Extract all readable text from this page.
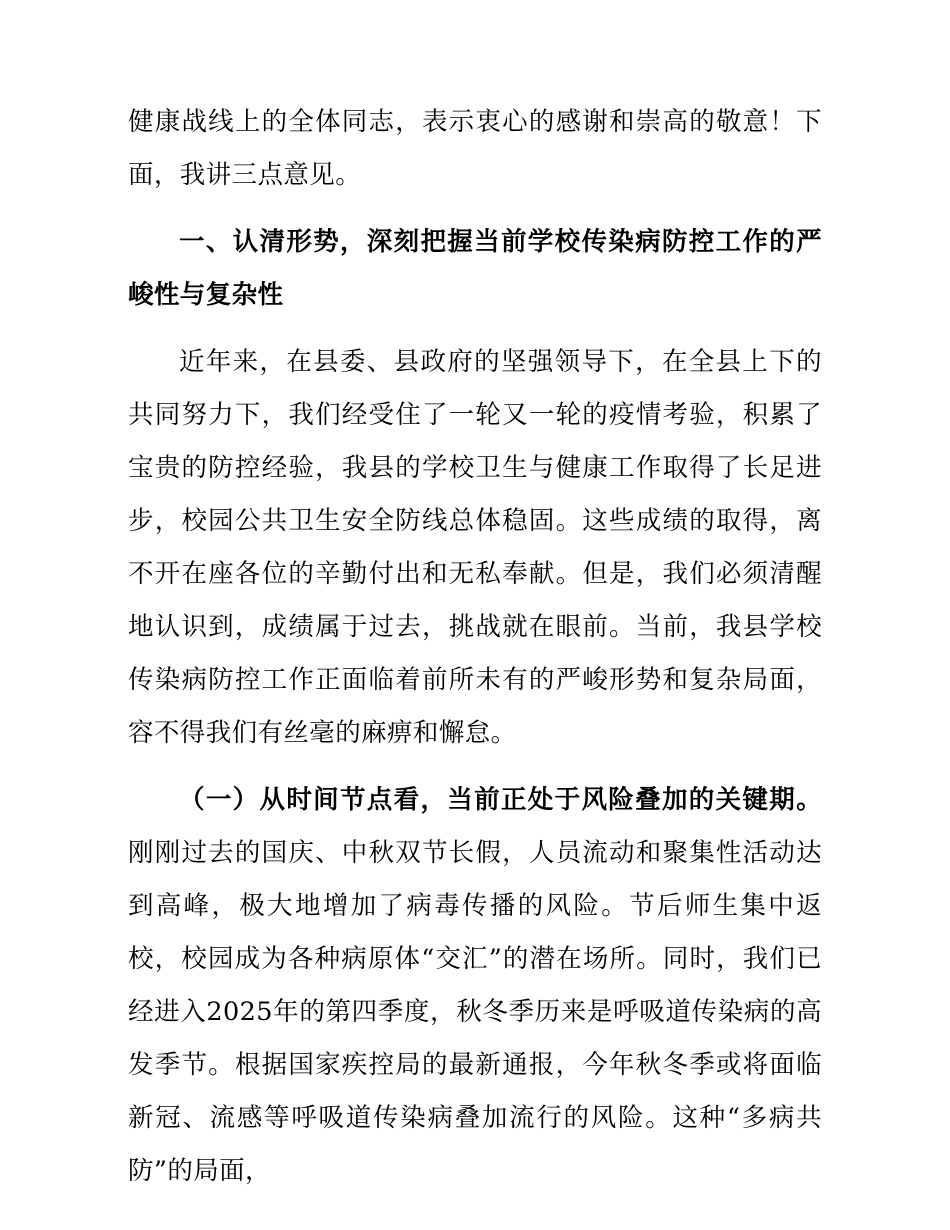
健康战线上的全体同志，表示衷心的感谢和崇高的敬意！下面，我讲三点意见。

一、认清形势，深刻把握当前学校传染病防控工作的严峻性与复杂性

近年来，在县委、县政府的坚强领导下，在全县上下的共同努力下，我们经受住了一轮又一轮的疫情考验，积累了宝贵的防控经验，我县的学校卫生与健康工作取得了长足进步，校园公共卫生安全防线总体稳固。这些成绩的取得，离不开在座各位的辛勤付出和无私奉献。但是，我们必须清醒地认识到，成绩属于过去，挑战就在眼前。当前，我县学校传染病防控工作正面临着前所未有的严峻形势和复杂局面，容不得我们有丝毫的麻痹和懈怠。

（一）从时间节点看，当前正处于风险叠加的关键期。刚刚过去的国庆、中秋双节长假，人员流动和聚集性活动达到高峰，极大地增加了病毒传播的风险。节后师生集中返校，校园成为各种病原体“交汇”的潜在场所。同时，我们已经进入2025年的第四季度，秋冬季历来是呼吸道传染病的高发季节。根据国家疾控局的最新通报，今年秋冬季或将面临新冠、流感等呼吸道传染病叠加流行的风险。这种“多病共防”的局面，
